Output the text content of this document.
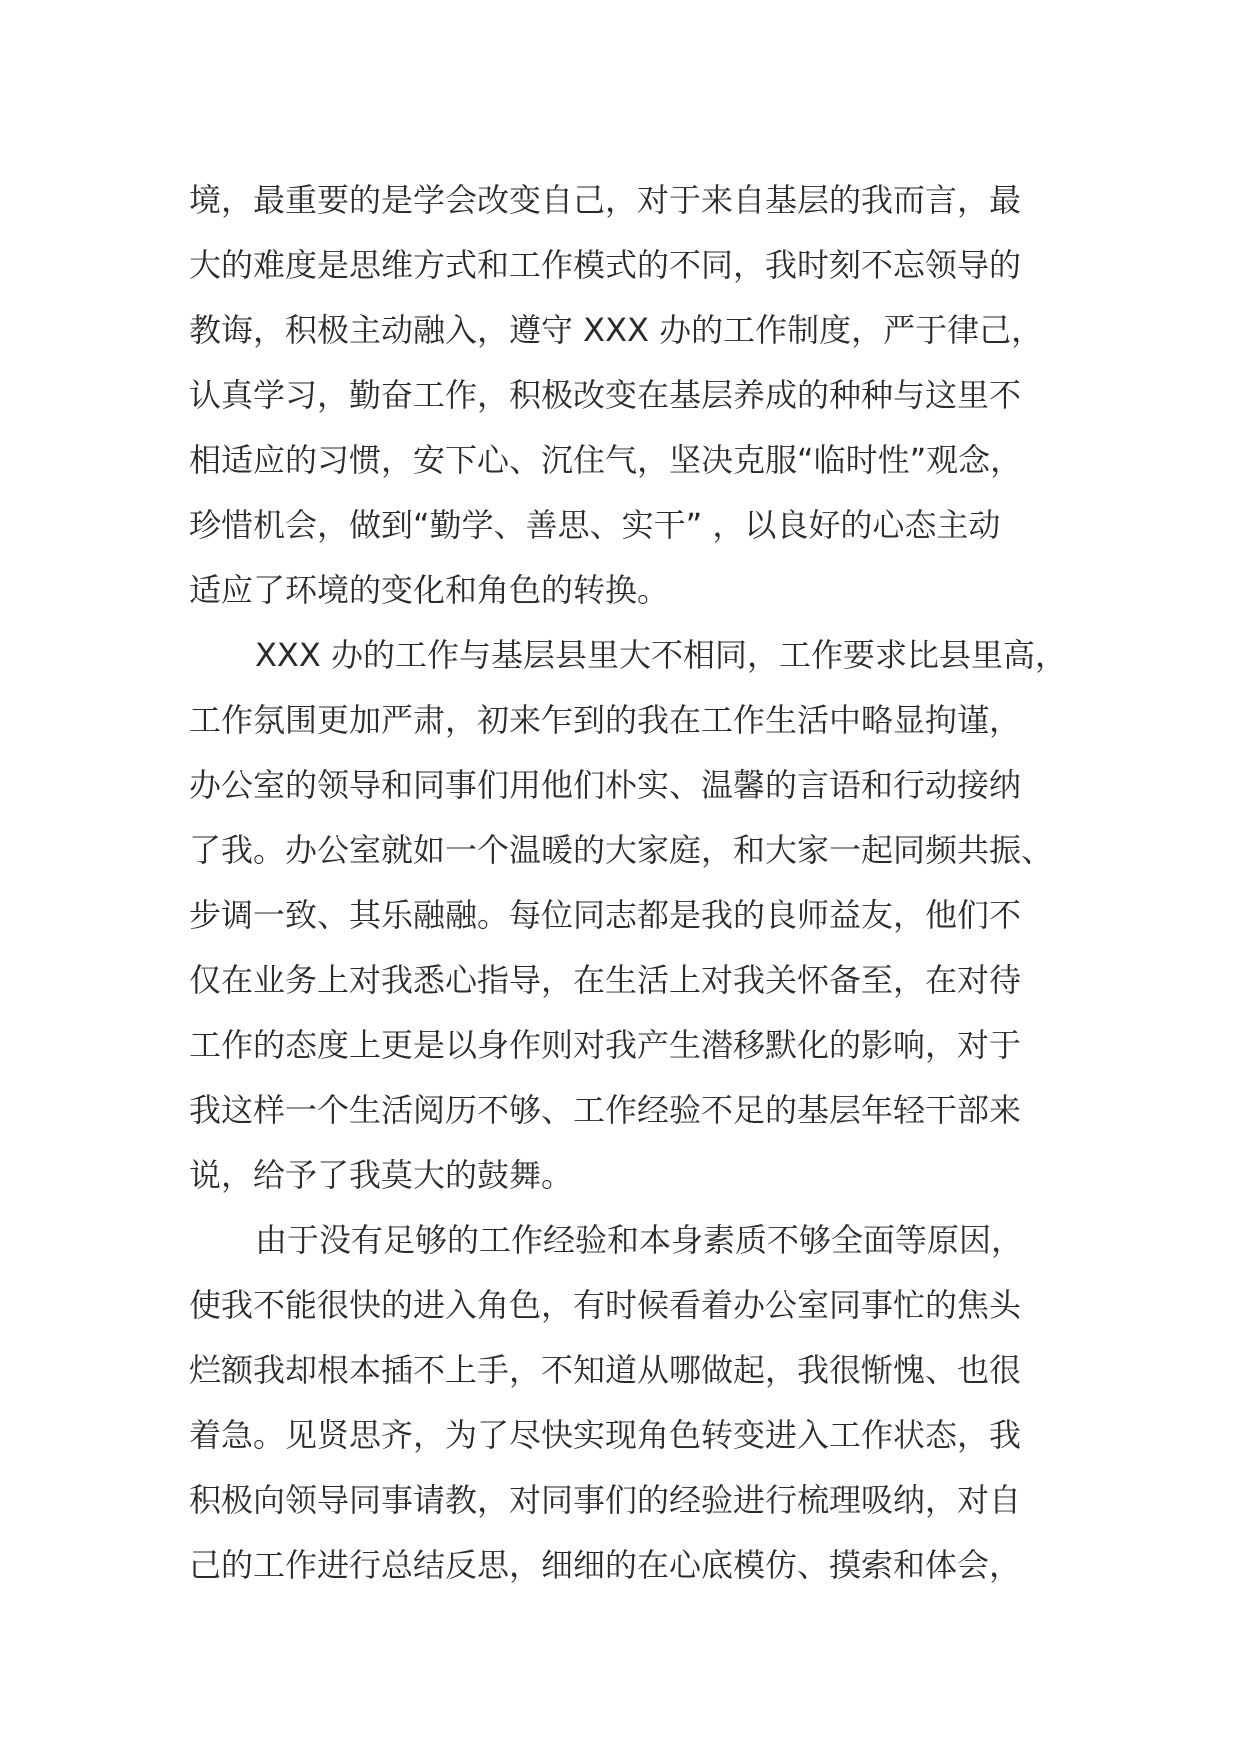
境，最重要的是学会改变自己，对于来自基层的我而言，最
大的难度是思维方式和工作模式的不同，我时刻不忘领导的
教诲，积极主动融入，遵守 XXX 办的工作制度，严于律己，
认真学习，勤奋工作，积极改变在基层养成的种种与这里不
相适应的习惯，安下心、沉住气，坚决克服“临时性”观念，
珍惜机会，做到“勤学、善思、实干” ，以良好的心态主动
适应了环境的变化和角色的转换。
XXX 办的工作与基层县里大不相同，工作要求比县里高，
工作氛围更加严肃，初来乍到的我在工作生活中略显拘谨，
办公室的领导和同事们用他们朴实、温馨的言语和行动接纳
了我。办公室就如一个温暖的大家庭，和大家一起同频共振、
步调一致、其乐融融。每位同志都是我的良师益友，他们不
仅在业务上对我悉心指导，在生活上对我关怀备至，在对待
工作的态度上更是以身作则对我产生潜移默化的影响，对于
我这样一个生活阅历不够、工作经验不足的基层年轻干部来
说，给予了我莫大的鼓舞。
由于没有足够的工作经验和本身素质不够全面等原因，
使我不能很快的进入角色，有时候看着办公室同事忙的焦头
烂额我却根本插不上手，不知道从哪做起，我很惭愧、也很
着急。见贤思齐，为了尽快实现角色转变进入工作状态，我
积极向领导同事请教，对同事们的经验进行梳理吸纳，对自
己的工作进行总结反思，细细的在心底模仿、摸索和体会，
